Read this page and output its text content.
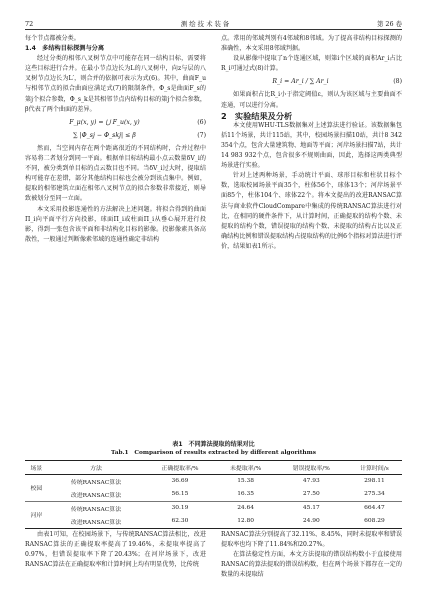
72	测 绘 技 术 装 备	第 26 卷

每个节点都被分类。

1.4　多结构目标探测与分离

经过分类的相邻八叉树节点中可能存在同一结构目标，需要将这些目标进行合并。在最小节点边长为L的八叉树中，向z与层的八叉树节点边长为L′，则合并的依据可表示为式(6)。其中，曲面F_u与相邻节点的拟合曲面应满足式(7)的限制条件，Φ_s是曲面F_s的第j个拟合参数，Φ_s_k是其相邻节点内结构目标的第j个拟合参数，β代表了两个曲面的差异。

F_μ(x, y) = ⋃ F_u(x, y)	(6)
∑ |Φ_sj − Φ_skj| ≤ β	(7)

然而，当空间内存在两个距离很近的不同结构时，合并过程中容易将二者划分到同一平面。根据单目标结构最小点云数量δV_i的不同，被分类到单目标的点云数目也不同。当δV_i过大时，提取结构可能存在差错，部分其他结构目标也会被分到该点集中。例如，提取的相邻建筑立面在相邻八叉树节点的拟合参数非常接近，则导致被划分至同一立面。

本文采用投影连通性的方法解决上述问题。将拟合得到的曲面Π_i向平面平行方向投影，球面Π_i或柱面Π_i从垂心展开进行投影，得到一张包含该平面和非结构化目标的影像。投影像素具备高散性，一般通过判断像素邻域的连通性确定非结构

点。常用的邻域判别有4邻域和8邻域。为了提高非结构目标探测的准确性，本文采用8邻域判据。

设从影像中提取了n个连通区域，则第i个区域的面积Ar_i占比R_i可通过式(8)计算。

R_i = Ar_i / ∑ Ar_i	(8)

如果面积占比R_i小于指定阈值ε，则认为该区域与主要曲面不连通，可以进行分离。

2　实验结果及分析

本文使用WHU-TLS数据集对上述算法进行验证。该数据集包括11个场景，共计115站，其中，校园场景扫描10站，共计8 342 354个点，包含大量建筑物、地面等平面；河岸场景扫描7站，共计14 983 932个点，包含很多不规则曲面，因此，选择这两类典型场景进行实验。

针对上述两种场景，手动统计平面、球形目标和柱状目标个数，选取校园场景平面35个，柱体56个，球体13个；河岸场景平面85个，柱体104个、球体22个。将本文提出的改进RANSAC算法与商业软件CloudCompare中集成的传统RANSAC算法进行对比，在相同的硬件条件下，从计算时间，正确提取的结构个数、未提取的结构个数，错误提取的结构个数、未提取的结构占比以及正确结构比例和错误提取结构占提取结构的比例6个指标对算法进行评价，结果如表1所示。

表1　不同算法提取的结果对比
Tab.1　Comparison of results extracted by different algorithms
场景	方法	正确提取率/%	未提取率/%	错误提取率/%	计算时间/s
校园	传统RANSAC算法	36.69	15.38	47.93	298.11
	改进RANSAC算法	56.15	16.35	27.50	275.34
河岸	传统RANSAC算法	30.19	24.64	45.17	664.47
	改进RANSAC算法	62.30	12.80	24.90	608.29

由表1可知，在校园场景下，与传统RANSAC算法相比，改进RANSAC算法的正确提取率提高了19.46%，未提取率提高了0.97%，但错误提取率下降了20.43%；在河岸场景下，改进RANSAC算法在正确提取率和计算时间上均有明显优势，比传统

RANSAC算法分别提高了32.11%、8.45%，同时未提取率和错误提取率也均下降了11.84%和20.27%。

在算法稳定性方面，本文方法提取的错误结构数小于直接使用RANSAC的算法提取的错误结构数，但在两个场景下都存在一定的数量的未提取结
